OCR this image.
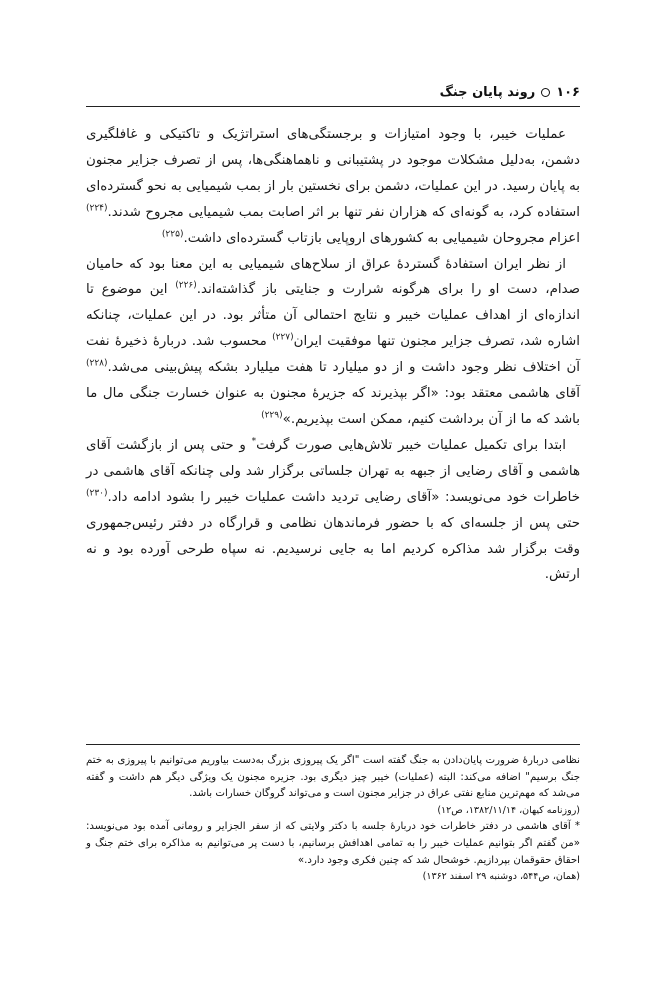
۱۰۶
روند پایان جنگ

عملیات خیبر، با وجود امتیازات و برجستگی‌های استراتژیک و تاکتیکی و غافلگیری دشمن، به‌دلیل مشکلات موجود در پشتیبانی و ناهماهنگی‌ها، پس از تصرف جزایر مجنون به پایان رسید. در این عملیات، دشمن برای نخستین بار از بمب شیمیایی به نحو گسترده‌ای استفاده کرد، به گونه‌ای که هزاران نفر تنها بر اثر اصابت بمب شیمیایی مجروح شدند.$^{(۲۲۴)}$ اعزام مجروحان شیمیایی به کشورهای اروپایی بازتاب گسترده‌ای داشت.$^{(۲۲۵)}$

از نظر ایران استفادهٔ گستردهٔ عراق از سلاح‌های شیمیایی به این معنا بود که حامیان صدام، دست او را برای هرگونه شرارت و جنایتی باز گذاشته‌اند.$^{(۲۲۶)}$ این موضوع تا اندازه‌ای از اهداف عملیات خیبر و نتایج احتمالی آن متأثر بود. در این عملیات، چنانکه اشاره شد، تصرف جزایر مجنون تنها موفقیت ایران$^{(۲۲۷)}$ محسوب شد. دربارهٔ ذخیرهٔ نفت آن اختلاف نظر وجود داشت و از دو میلیارد تا هفت میلیارد بشکه پیش‌بینی می‌شد.$^{(۲۲۸)}$ آقای هاشمی معتقد بود: «اگر بپذیرند که جزیرهٔ مجنون به عنوان خسارت جنگی مال ما باشد که ما از آن برداشت کنیم، ممکن است بپذیریم.»$^{(۲۲۹)}$

ابتدا برای تکمیل عملیات خیبر تلاش‌هایی صورت گرفت* و حتی پس از بازگشت آقای هاشمی و آقای رضایی از جبهه به تهران جلساتی برگزار شد ولی چنانکه آقای هاشمی در خاطرات خود می‌نویسد: «آقای رضایی تردید داشت عملیات خیبر را بشود ادامه داد.$^{(۲۳۰)}$ حتی پس از جلسه‌ای که با حضور فرماندهان نظامی و قرارگاه در دفتر رئیس‌جمهوری وقت برگزار شد مذاکره کردیم اما به جایی نرسیدیم. نه سپاه طرحی آورده بود و نه ارتش.

نظامی دربارهٔ ضرورت پایان‌دادن به جنگ گفته است "اگر یک پیروزی بزرگ به‌دست بیاوریم می‌توانیم با پیروزی به ختم جنگ برسیم" اضافه می‌کند: البته (عملیات) خیبر چیز دیگری بود. جزیره مجنون یک ویژگی دیگر هم داشت و گفته می‌شد که مهم‌ترین منابع نفتی عراق در جزایر مجنون است و می‌تواند گروگان خسارات باشد.
(روزنامه کیهان، ۱۳۸۲/۱۱/۱۴، ص۱۲)

* آقای هاشمی در دفتر خاطرات خود دربارهٔ جلسه با دکتر ولایتی که از سفر الجزایر و رومانی آمده بود می‌نویسد: «من گفتم اگر بتوانیم عملیات خیبر را به تمامی اهدافش برسانیم، با دست پر می‌توانیم به مذاکره برای ختم جنگ و احقاق حقوقمان بپردازیم. خوشحال شد که چنین فکری وجود دارد.»
(همان، ص۵۴۴، دوشنبه ۲۹ اسفند ۱۳۶۲)
